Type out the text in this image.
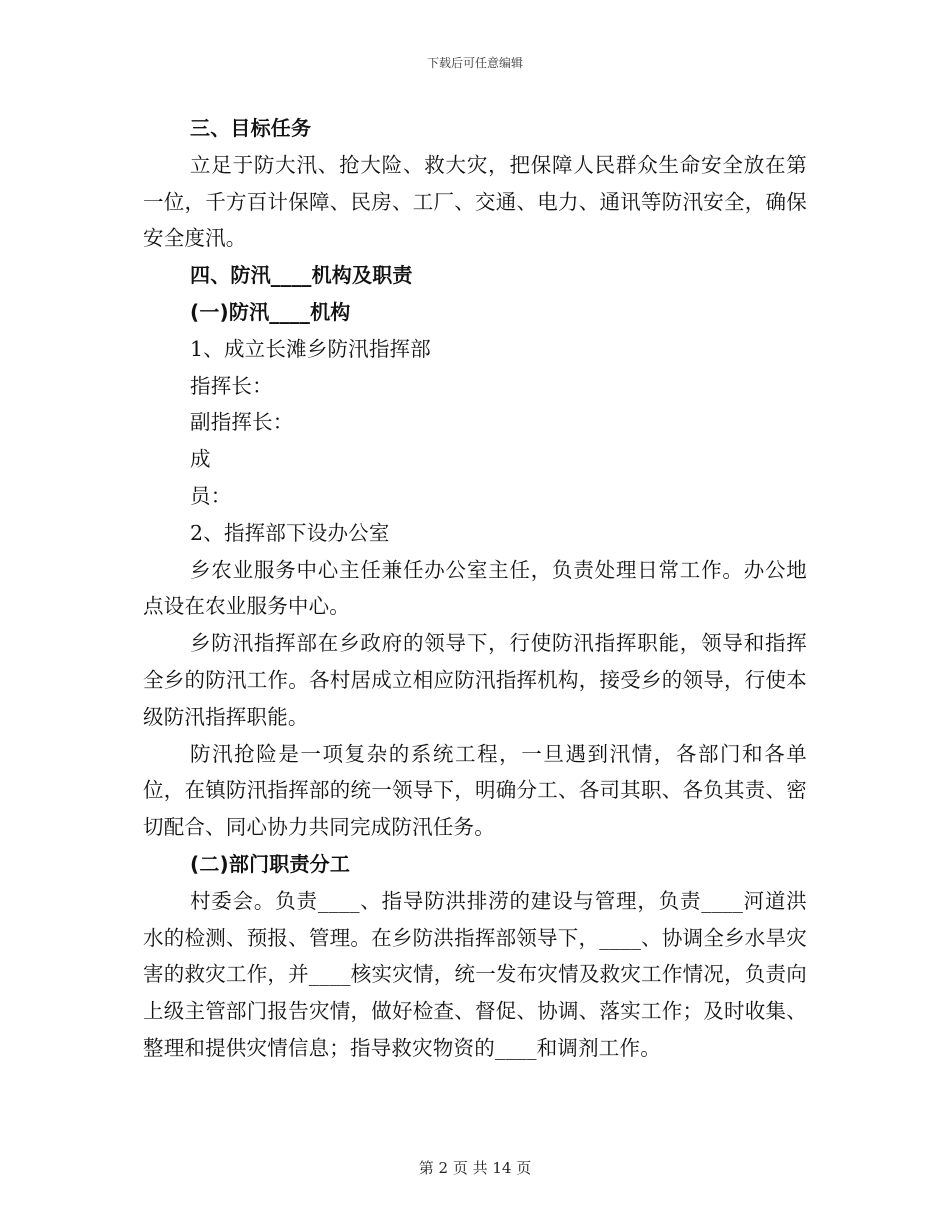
下载后可任意编辑

三、目标任务

立足于防大汛、抢大险、救大灾，把保障人民群众生命安全放在第一位，千方百计保障、民房、工厂、交通、电力、通讯等防汛安全，确保安全度汛。

四、防汛____机构及职责

(一)防汛____机构

1、成立长滩乡防汛指挥部

指挥长：

副指挥长：

成

员：

2、指挥部下设办公室

乡农业服务中心主任兼任办公室主任，负责处理日常工作。办公地点设在农业服务中心。

乡防汛指挥部在乡政府的领导下，行使防汛指挥职能，领导和指挥全乡的防汛工作。各村居成立相应防汛指挥机构，接受乡的领导，行使本级防汛指挥职能。

防汛抢险是一项复杂的系统工程，一旦遇到汛情，各部门和各单位，在镇防汛指挥部的统一领导下，明确分工、各司其职、各负其责、密切配合、同心协力共同完成防汛任务。

(二)部门职责分工

村委会。负责____、指导防洪排涝的建设与管理，负责____河道洪水的检测、预报、管理。在乡防洪指挥部领导下，____、协调全乡水旱灾害的救灾工作，并____核实灾情，统一发布灾情及救灾工作情况，负责向上级主管部门报告灾情，做好检查、督促、协调、落实工作；及时收集、整理和提供灾情信息；指导救灾物资的____和调剂工作。

第 2 页 共 14 页
